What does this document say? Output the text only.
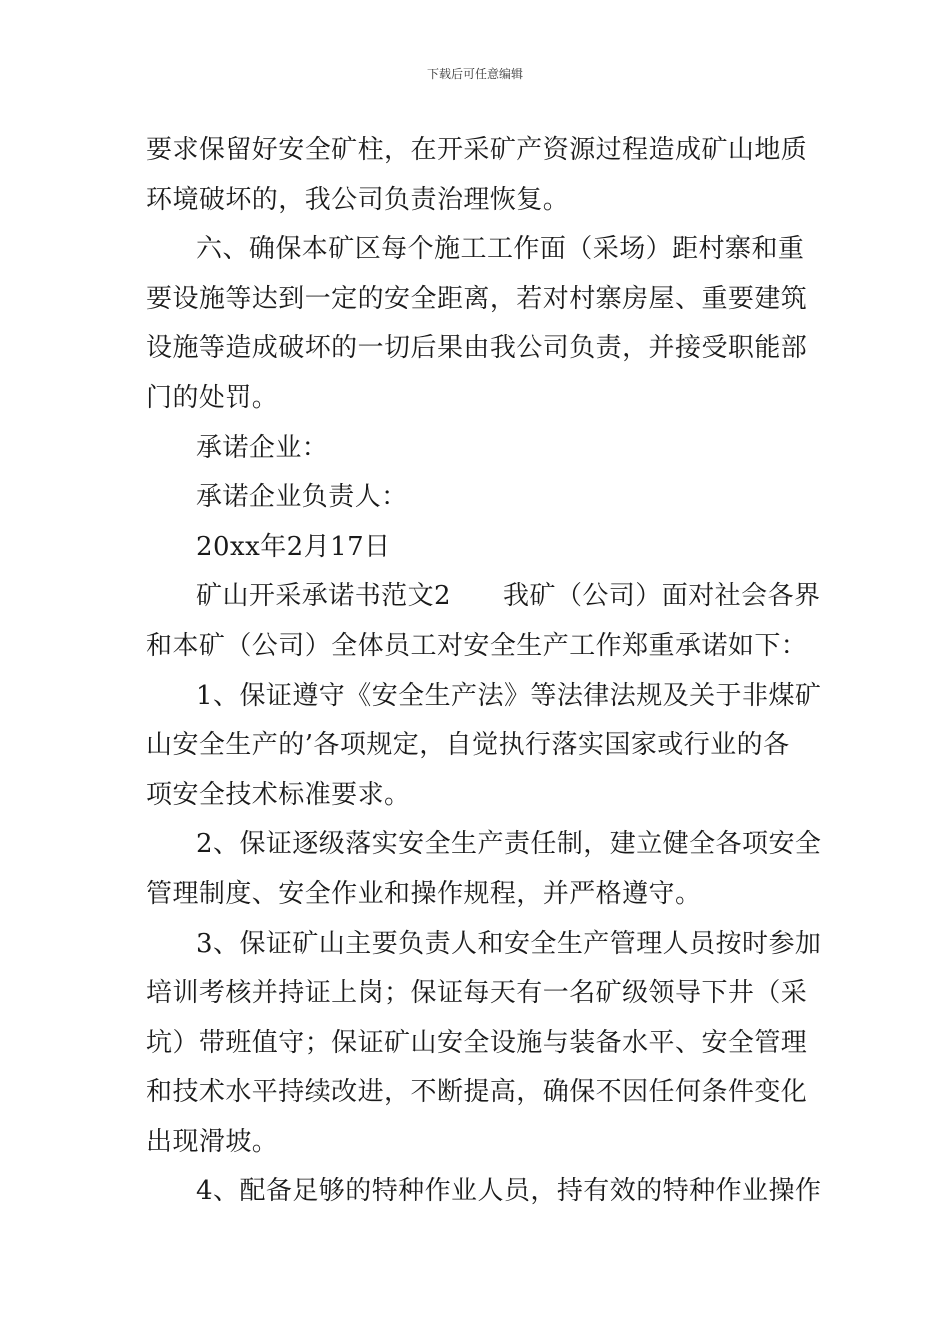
下载后可任意编辑
要求保留好安全矿柱，在开采矿产资源过程造成矿山地质
环境破坏的，我公司负责治理恢复。
六、确保本矿区每个施工工作面（采场）距村寨和重
要设施等达到一定的安全距离，若对村寨房屋、重要建筑
设施等造成破坏的一切后果由我公司负责，并接受职能部
门的处罚。
承诺企业：
承诺企业负责人：
20xx年2月17日
矿山开采承诺书范文2 我矿（公司）面对社会各界
和本矿（公司）全体员工对安全生产工作郑重承诺如下：
1、保证遵守《安全生产法》等法律法规及关于非煤矿
山安全生产的’各项规定，自觉执行落实国家或行业的各
项安全技术标准要求。
2、保证逐级落实安全生产责任制，建立健全各项安全
管理制度、安全作业和操作规程，并严格遵守。
3、保证矿山主要负责人和安全生产管理人员按时参加
培训考核并持证上岗；保证每天有一名矿级领导下井（采
坑）带班值守；保证矿山安全设施与装备水平、安全管理
和技术水平持续改进，不断提高，确保不因任何条件变化
出现滑坡。
4、配备足够的特种作业人员，持有效的特种作业操作
